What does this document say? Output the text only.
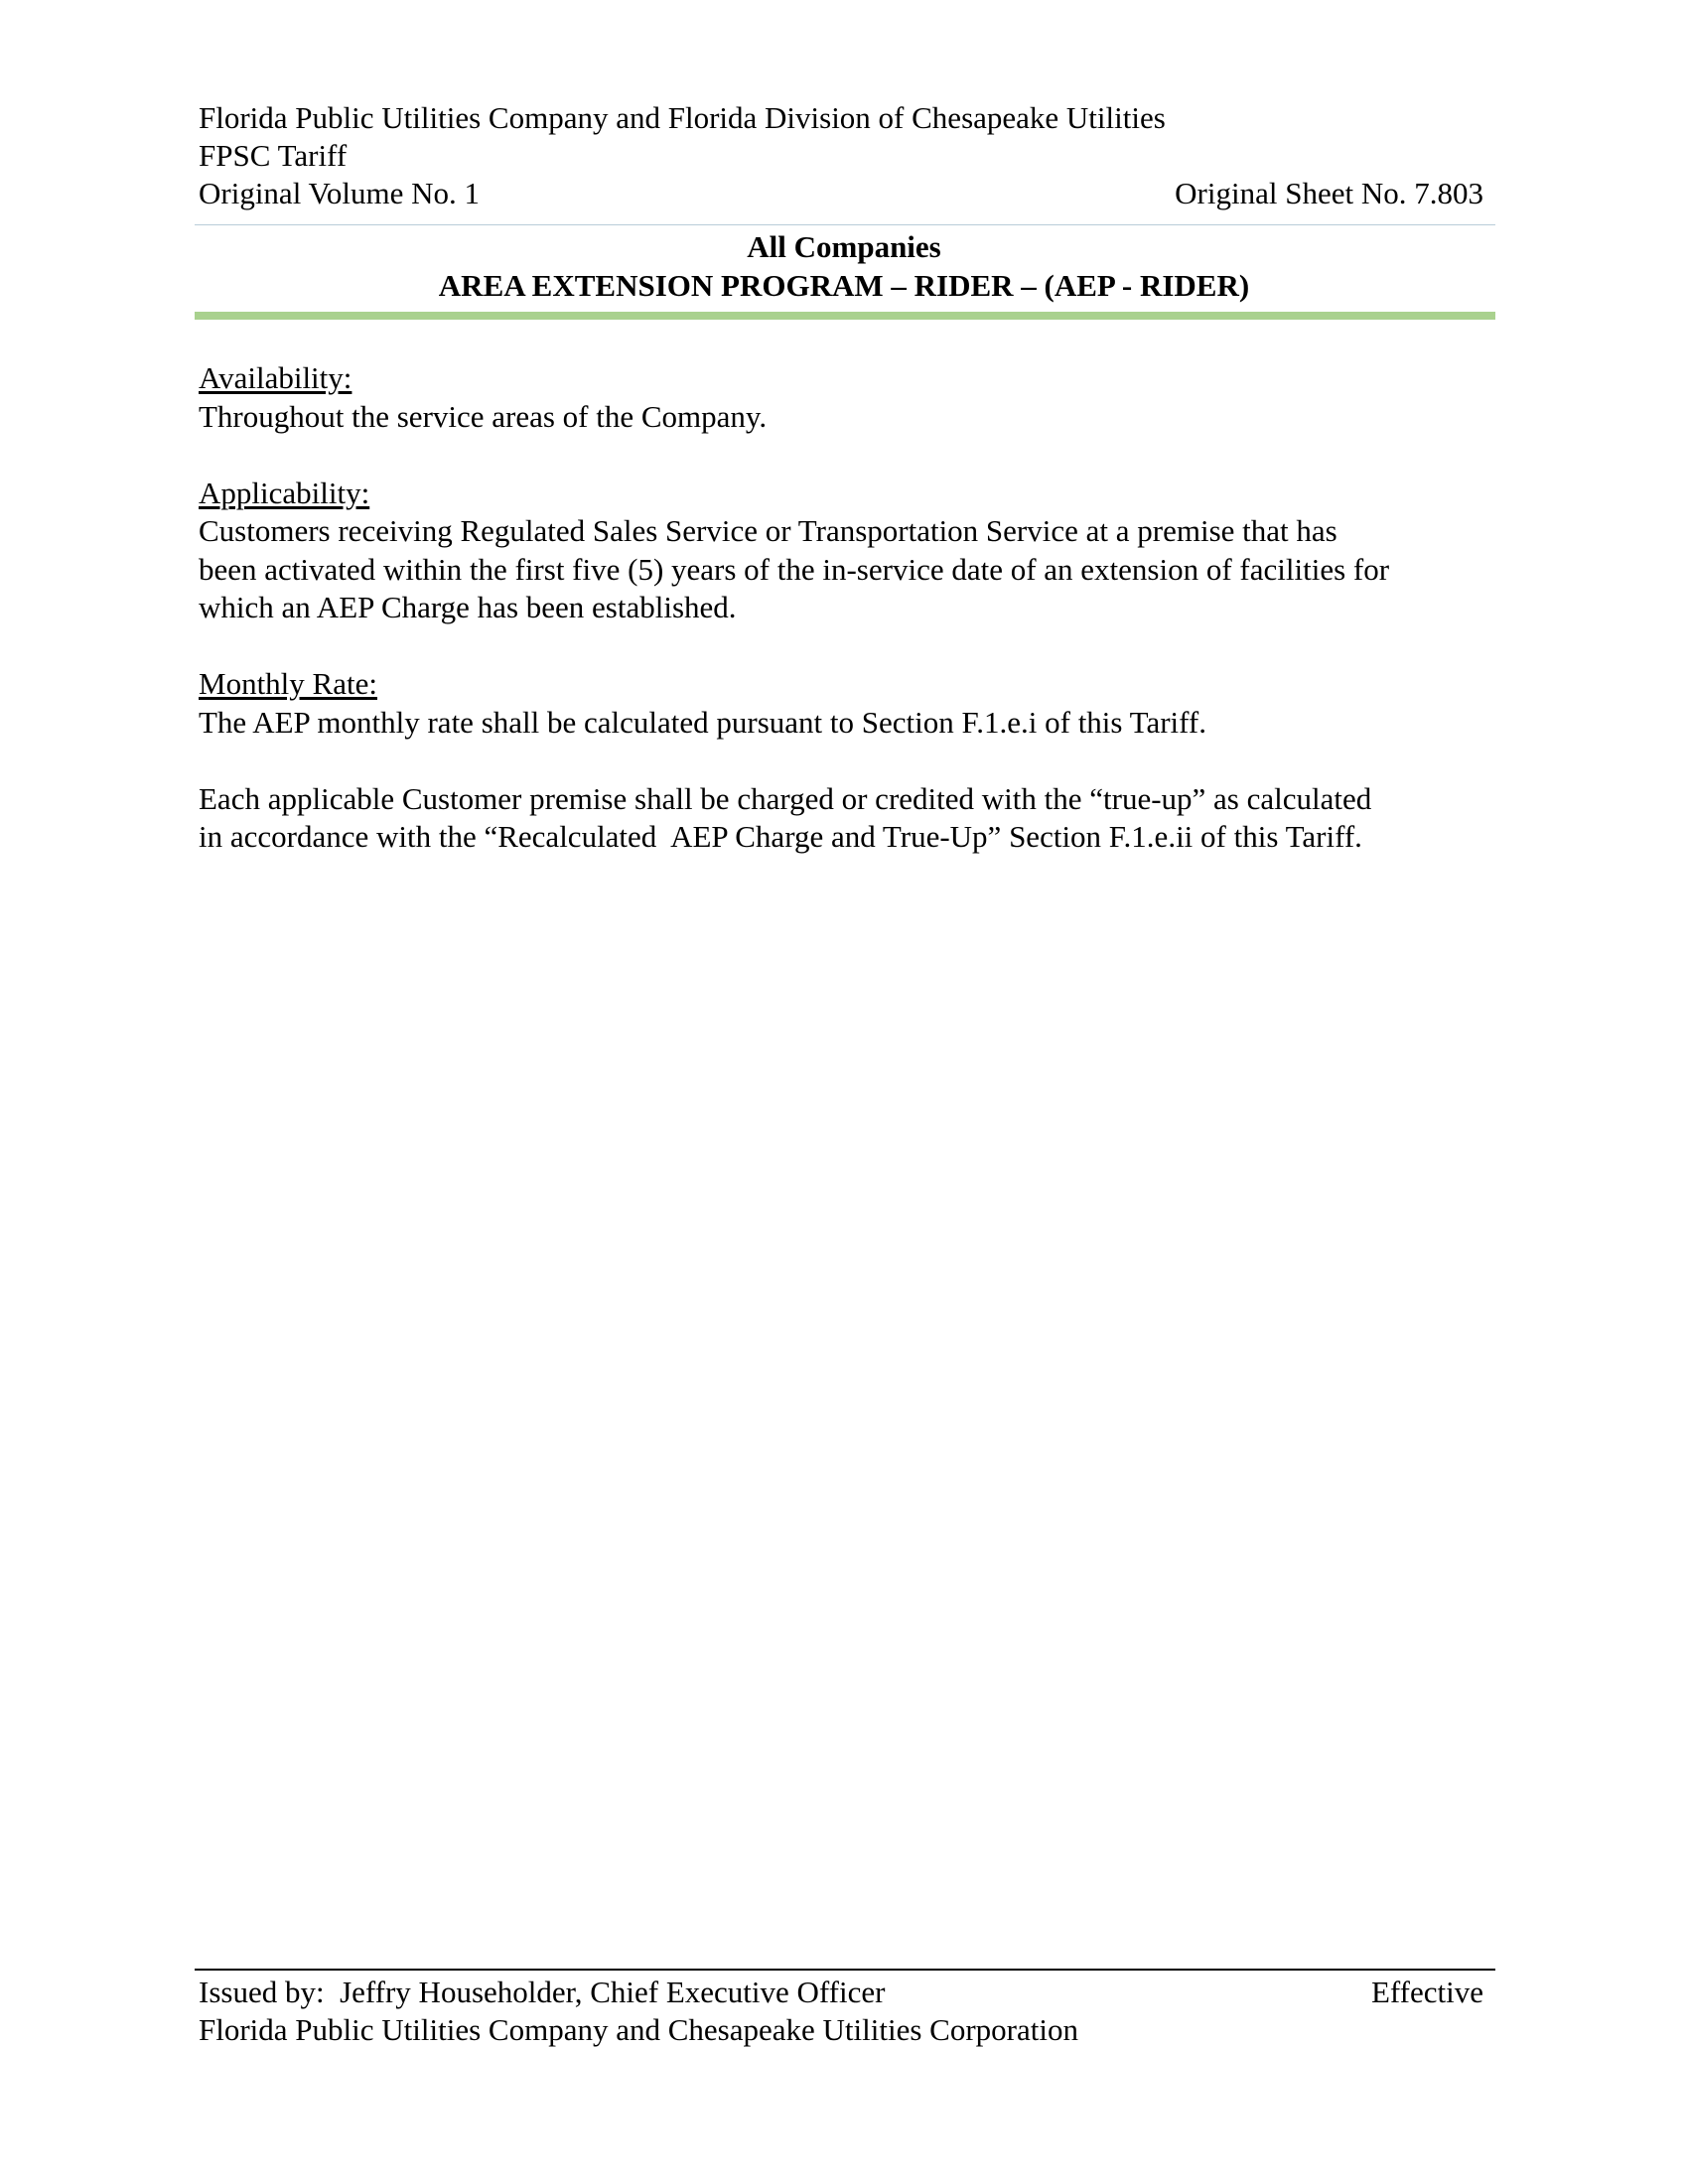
Florida Public Utilities Company and Florida Division of Chesapeake Utilities
FPSC Tariff
Original Volume No. 1	Original Sheet No. 7.803
All Companies
AREA EXTENSION PROGRAM – RIDER – (AEP - RIDER)
Availability:
Throughout the service areas of the Company.
Applicability:
Customers receiving Regulated Sales Service or Transportation Service at a premise that has
been activated within the first five (5) years of the in-service date of an extension of facilities for
which an AEP Charge has been established.
Monthly Rate:
The AEP monthly rate shall be calculated pursuant to Section F.1.e.i of this Tariff.
Each applicable Customer premise shall be charged or credited with the “true-up” as calculated
in accordance with the “Recalculated  AEP Charge and True-Up” Section F.1.e.ii of this Tariff.
Issued by:  Jeffry Householder, Chief Executive Officer	Effective
Florida Public Utilities Company and Chesapeake Utilities Corporation
